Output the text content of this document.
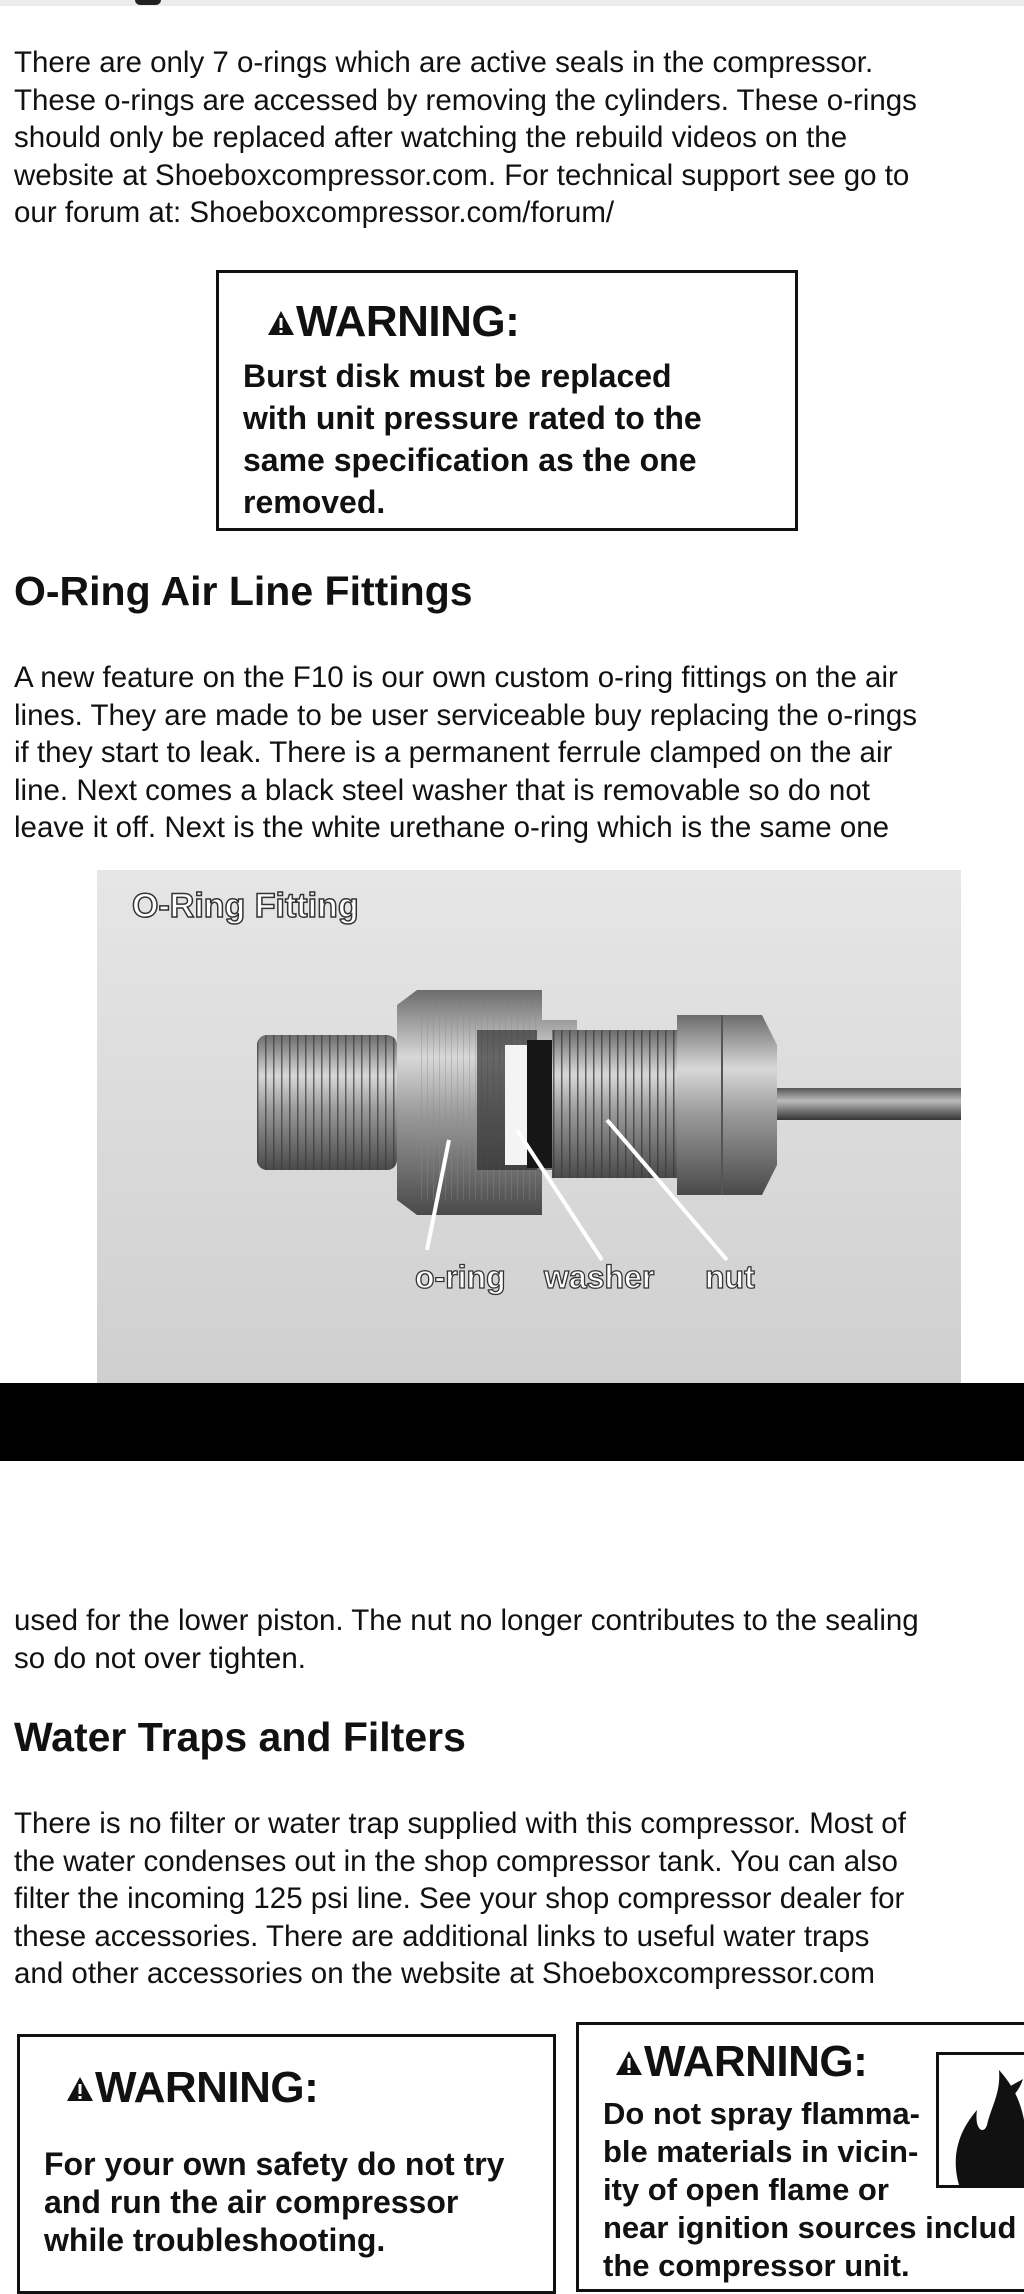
There are only 7 o-rings which are active seals in the compressor.
These o-rings are accessed by removing the cylinders. These o-rings
should only be replaced after watching the rebuild videos on the
website at Shoeboxcompressor.com. For technical support see go to
our forum at: Shoeboxcompressor.com/forum/

WARNING:
Burst disk must be replaced
with unit pressure rated to the
same specification as the one
removed.
O-Ring Air Line Fittings

A new feature on the F10 is our own custom o-ring fittings on the air
lines. They are made to be user serviceable buy replacing the o-rings
if they start to leak. There is a permanent ferrule clamped on the air
line. Next comes a black steel washer that is removable so do not
leave it off. Next is the white urethane o-ring which is the same one

O-Ring Fitting
o-ring washer nut

used for the lower piston. The nut no longer contributes to the sealing
so do not over tighten.

Water Traps and Filters

There is no filter or water trap supplied with this compressor. Most of
the water condenses out in the shop compressor tank. You can also
filter the incoming 125 psi line. See your shop compressor dealer for
these accessories. There are additional links to useful water traps
and other accessories on the website at Shoeboxcompressor.com

WARNING:
For your own safety do not try
and run the air compressor
while troubleshooting.
WARNING:
Do not spray flamma-
ble materials in vicin-
ity of open flame or
near ignition sources includ
the compressor unit.
